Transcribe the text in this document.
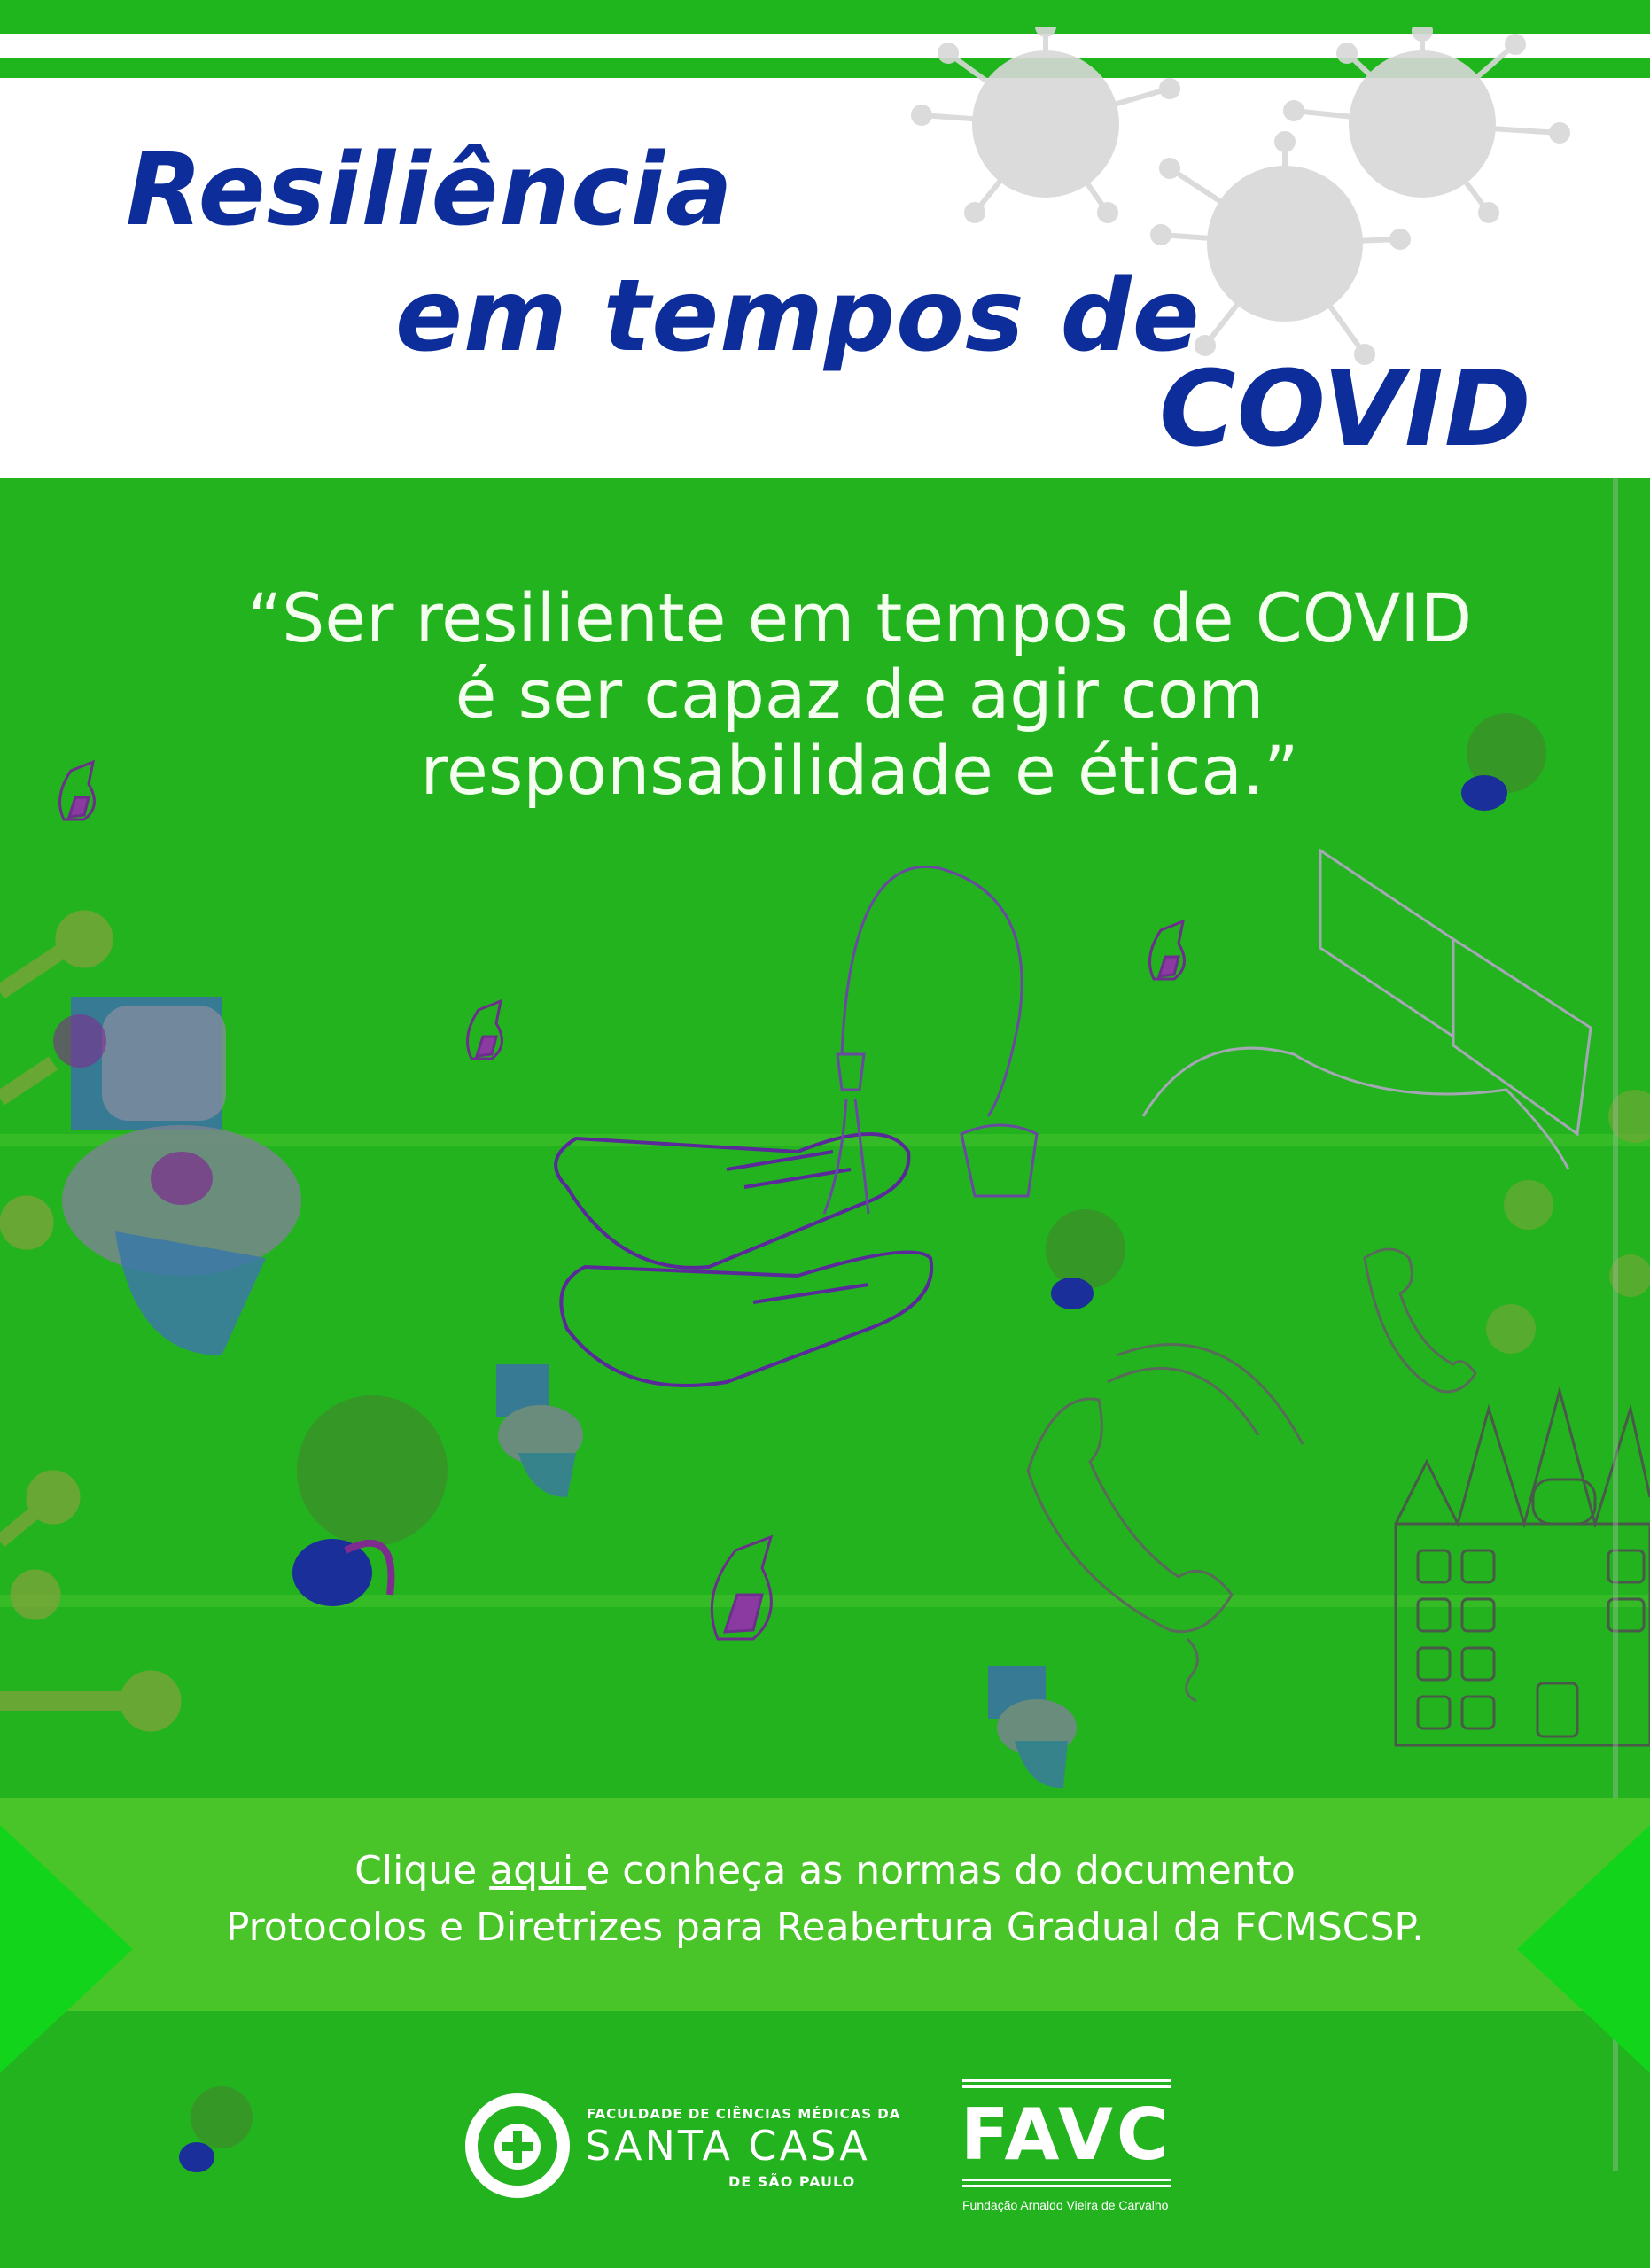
Resiliência
em tempos de
COVID
“Ser resiliente em tempos de COVID
é ser capaz de agir com
responsabilidade e ética.”
Clique aqui e conheça as normas do documento
Protocolos e Diretrizes para Reabertura Gradual da FCMSCSP.
FACULDADE DE CIÊNCIAS MÉDICAS DA
SANTA CASA
DE SÃO PAULO
FAVC
Fundação Arnaldo Vieira de Carvalho
